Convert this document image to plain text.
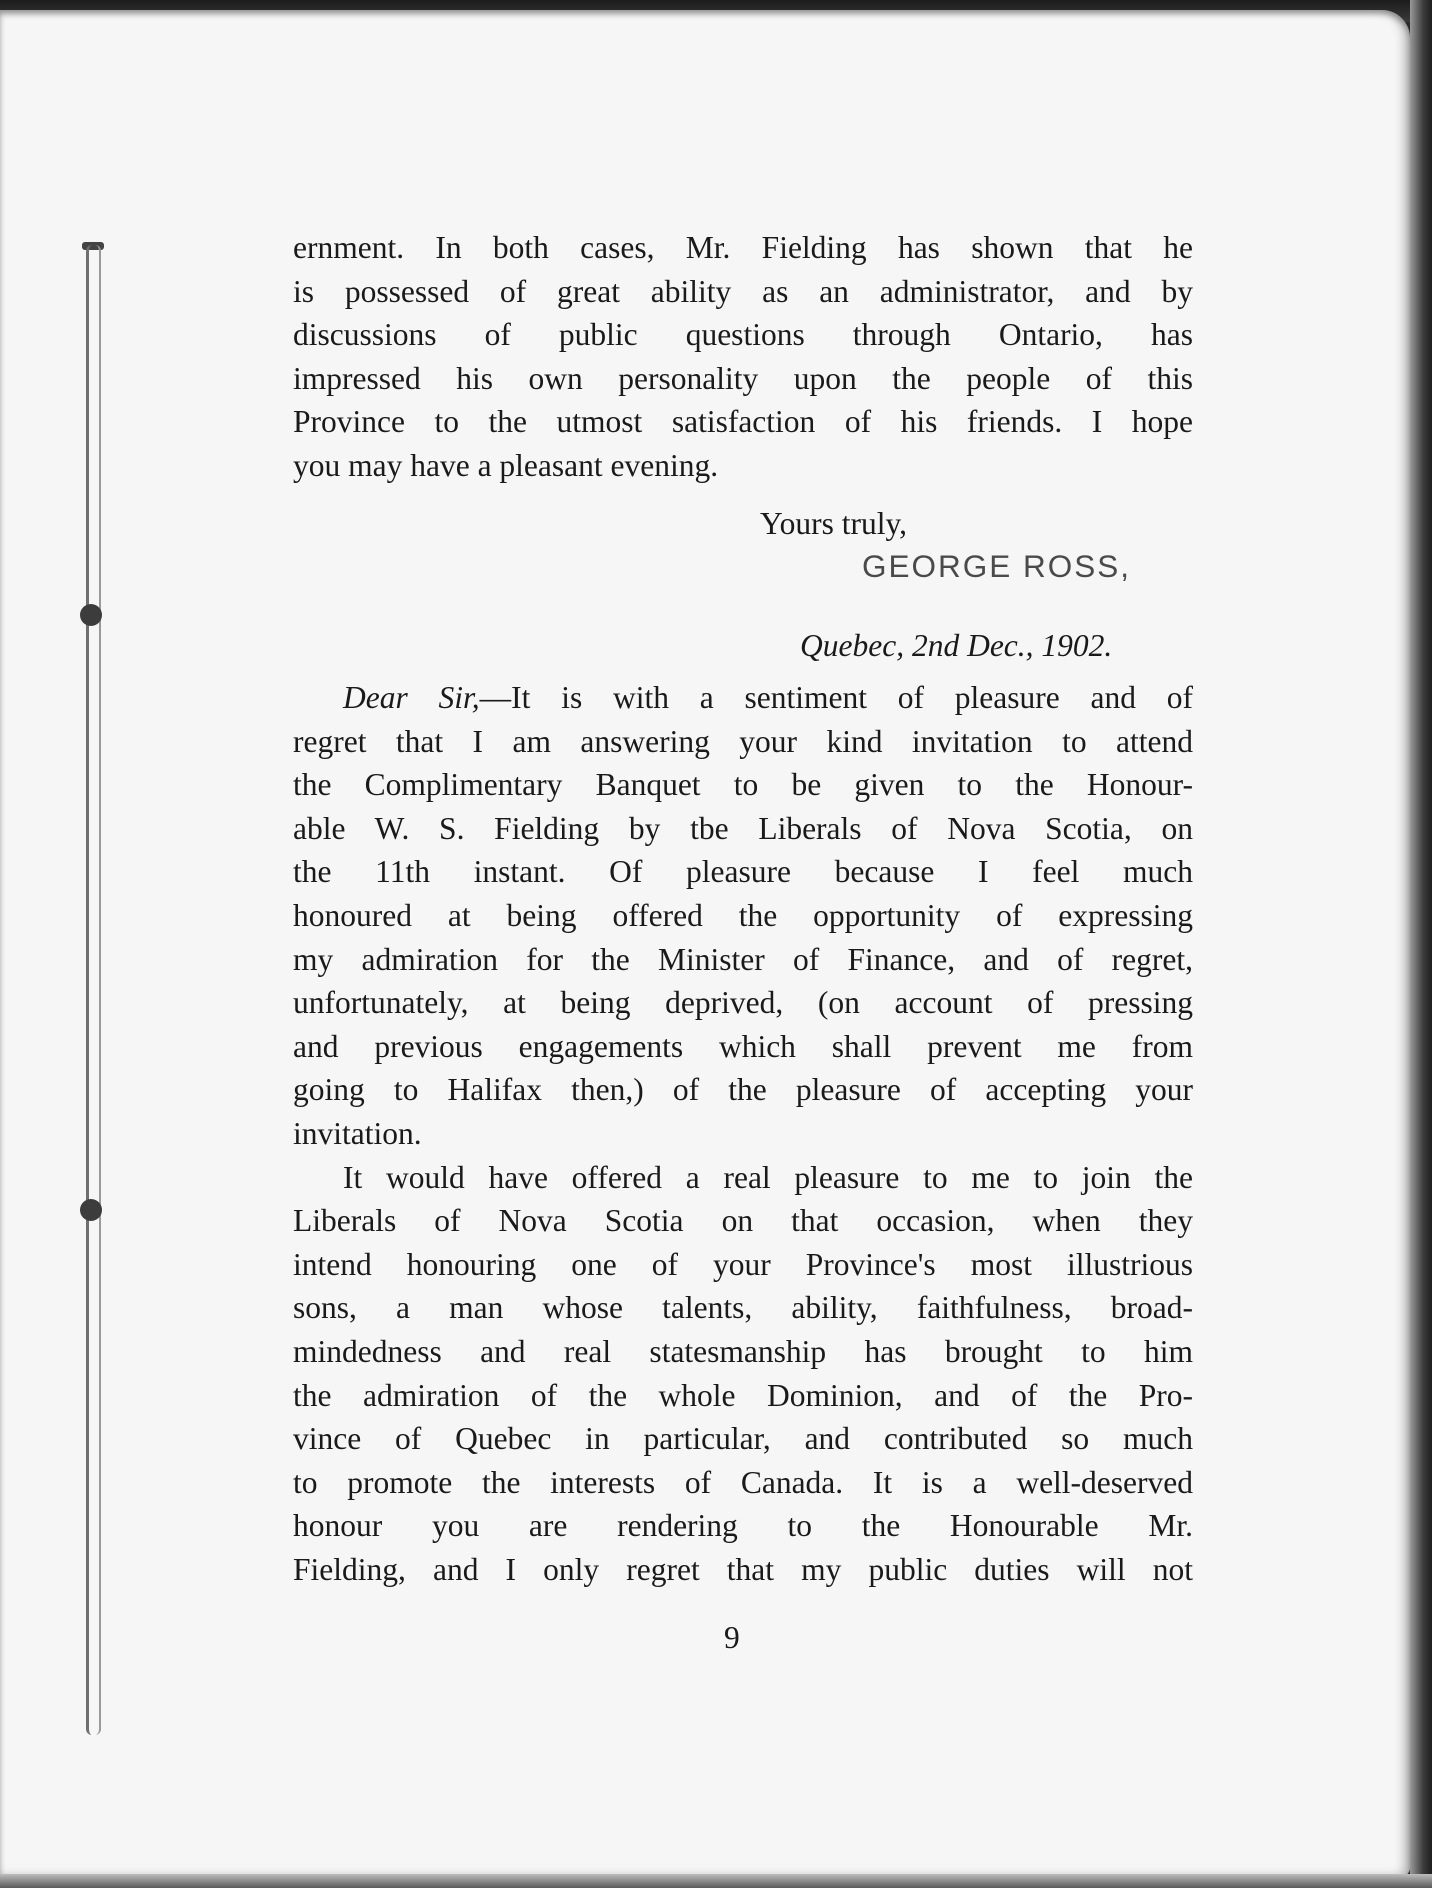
ernment. In both cases, Mr. Fielding has shown that he
is possessed of great ability as an administrator, and by
discussions of public questions through Ontario, has
impressed his own personality upon the people of this
Province to the utmost satisfaction of his friends. I hope
you may have a pleasant evening.
Yours truly,
GEORGE ROSS,
Quebec, 2nd Dec., 1902.
Dear Sir,—It is with a sentiment of pleasure and of
regret that I am answering your kind invitation to attend
the Complimentary Banquet to be given to the Honour-
able W. S. Fielding by tbe Liberals of Nova Scotia, on
the 11th instant. Of pleasure because I feel much
honoured at being offered the opportunity of expressing
my admiration for the Minister of Finance, and of regret,
unfortunately, at being deprived, (on account of pressing
and previous engagements which shall prevent me from
going to Halifax then,) of the pleasure of accepting your
invitation.
It would have offered a real pleasure to me to join the
Liberals of Nova Scotia on that occasion, when they
intend honouring one of your Province's most illustrious
sons, a man whose talents, ability, faithfulness, broad-
mindedness and real statesmanship has brought to him
the admiration of the whole Dominion, and of the Pro-
vince of Quebec in particular, and contributed so much
to promote the interests of Canada. It is a well-deserved
honour you are rendering to the Honourable Mr.
Fielding, and I only regret that my public duties will not
9
